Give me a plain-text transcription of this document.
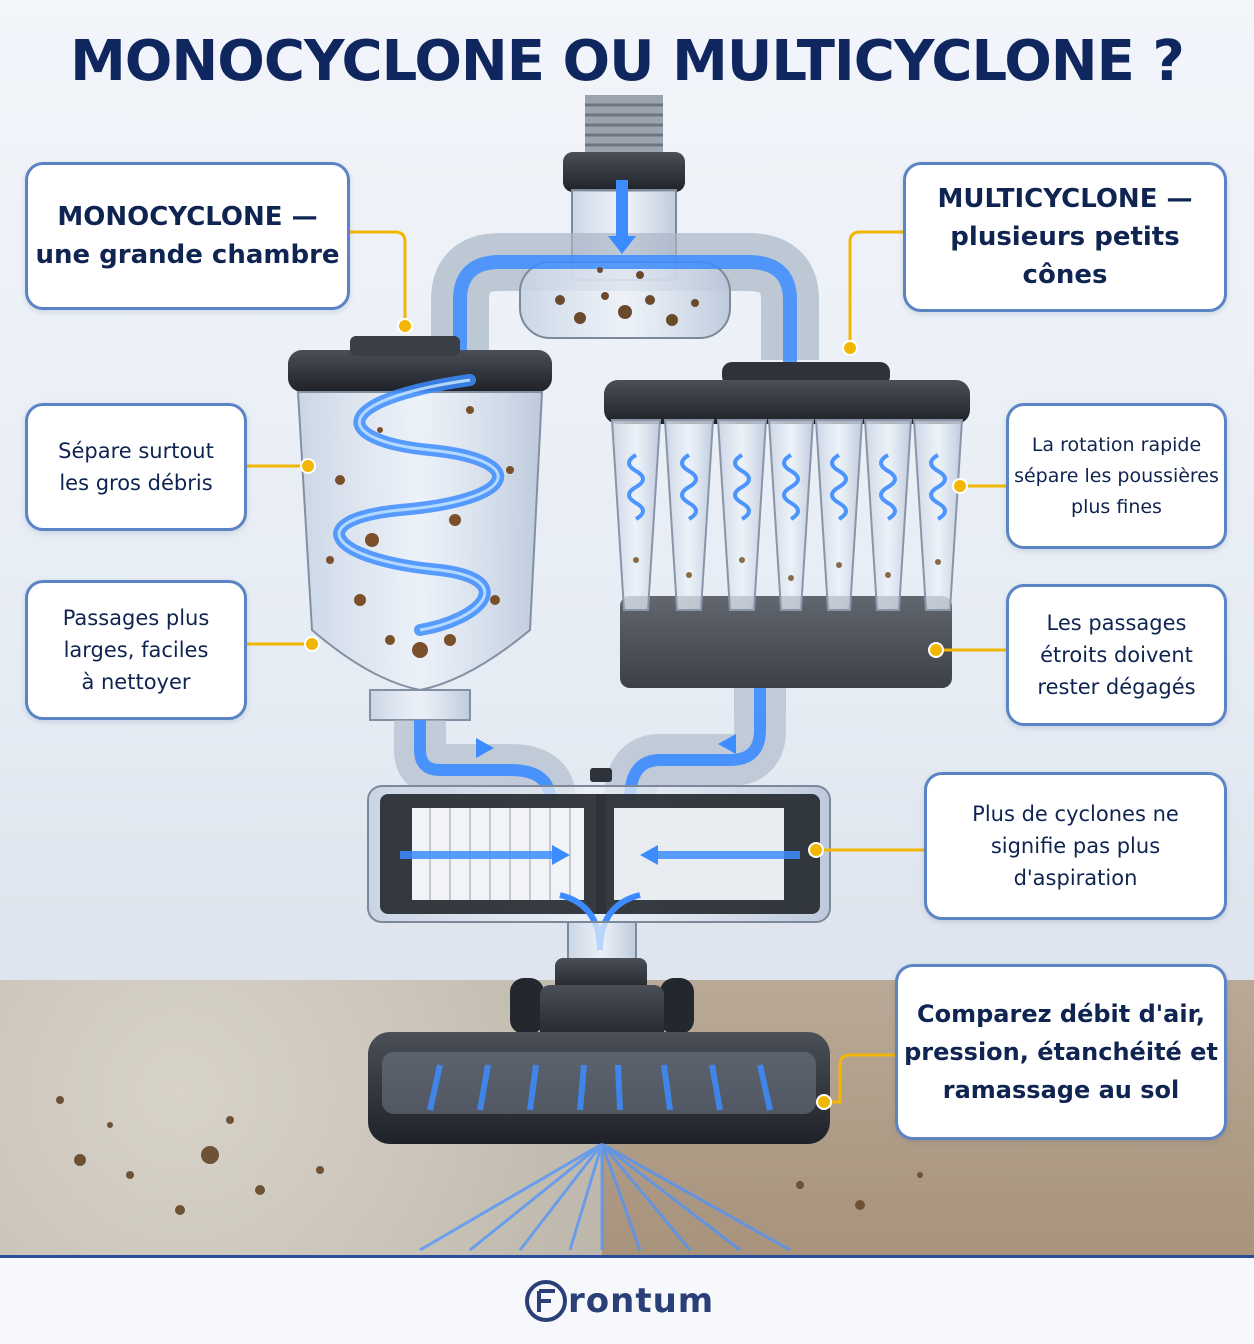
MONOCYCLONE OU MULTICYCLONE ?
MONOCYCLONE —
une grande chambre
MULTICYCLONE —
plusieurs petits cônes
Sépare surtout
les gros débris
Passages plus
larges, faciles
à nettoyer
La rotation rapide
sépare les poussières
plus fines
Les passages
étroits doivent
rester dégagés
Plus de cyclones ne
signifie pas plus
d'aspiration
Comparez débit d'air,
pression, étanchéité et
ramassage au sol
rontum
